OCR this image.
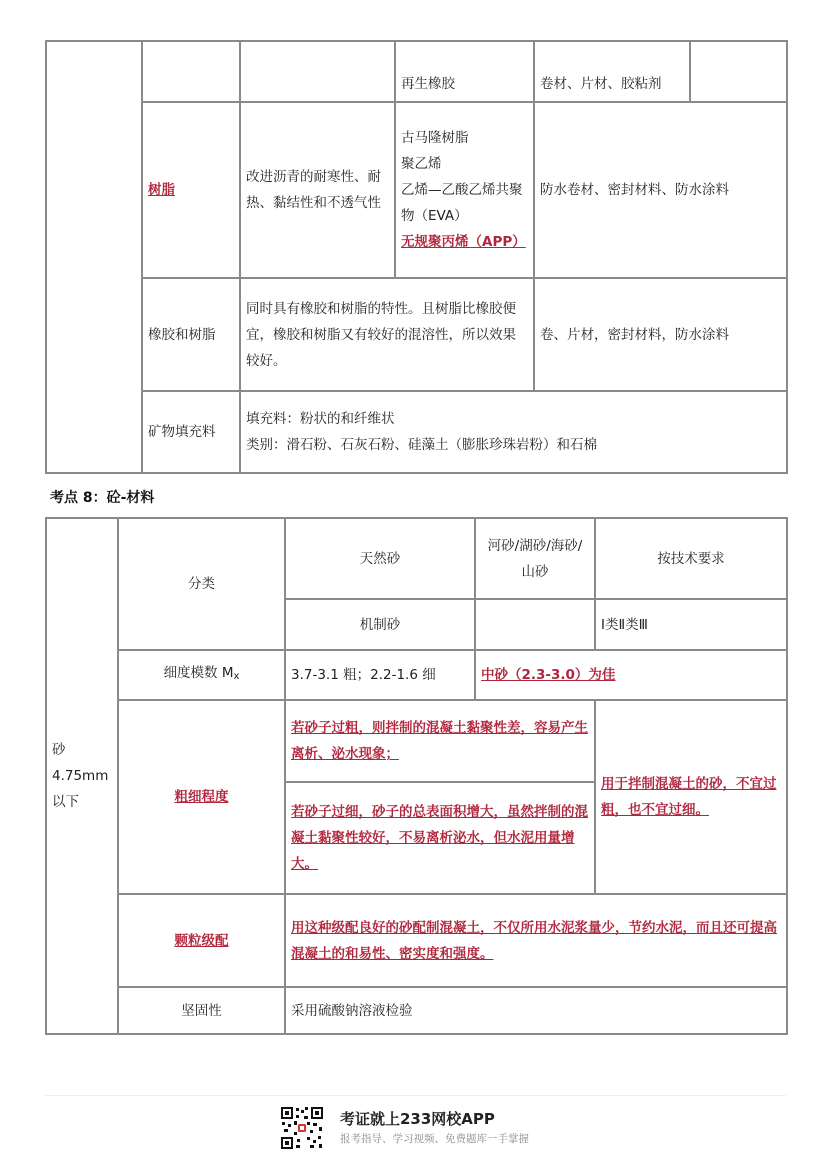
			再生橡胶	卷材、片材、胶粘剂	
	树脂	改进沥青的耐寒性、耐热、黏结性和不透气性	古马隆树脂
聚乙烯
乙烯—乙酸乙烯共聚物（EVA）
无规聚丙烯（APP）	防水卷材、密封材料、防水涂料	
	橡胶和树脂	同时具有橡胶和树脂的特性。且树脂比橡胶便宜，橡胶和树脂又有较好的混溶性，所以效果较好。		卷、片材，密封材料，防水涂料	
	矿物填充料	填充料：粉状的和纤维状
类别：滑石粉、石灰石粉、硅藻土（膨胀珍珠岩粉）和石棉			
考点 8：砼-材料
砂 4.75mm 以下	分类	天然砂	河砂/湖砂/海砂/山砂	按技术要求
		机制砂		Ⅰ类Ⅱ类Ⅲ
	细度模数 Mx	3.7-3.1 粗；2.2-1.6 细	中砂（2.3-3.0）为佳	
	粗细程度	若砂子过粗，则拌制的混凝土黏聚性差，容易产生离析、泌水现象；		用于拌制混凝土的砂，不宜过粗，也不宜过细。
		若砂子过细，砂子的总表面积增大，虽然拌制的混凝土黏聚性较好，不易离析泌水，但水泥用量增大。		
	颗粒级配	用这种级配良好的砂配制混凝土，不仅所用水泥浆量少，节约水泥，而且还可提高混凝土的和易性、密实度和强度。		
	坚固性	采用硫酸钠溶液检验		
考证就上233网校APP
报考指导、学习视频、免费题库一手掌握
